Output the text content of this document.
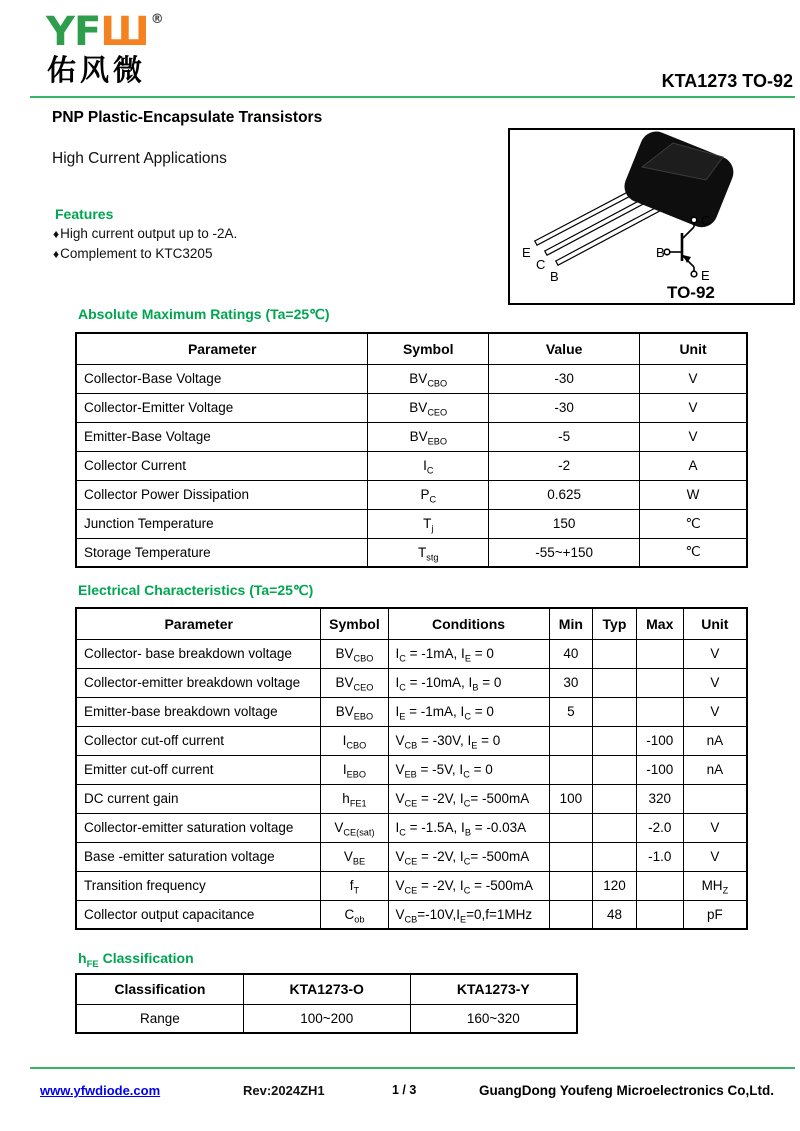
YFШ ®
佑风微	KTA1273 TO-92
PNP Plastic-Encapsulate Transistors
High Current Applications
Features
♦High current output up to -2A.
♦Complement to KTC3205	E
C
B
B
C
E
TO-92
Absolute Maximum Ratings (Ta=25℃)
Parameter	Symbol	Value	Unit
Collector-Base Voltage	$BV_{CBO}$	-30	V
Collector-Emitter Voltage	$BV_{CEO}$	-30	V
Emitter-Base Voltage	$BV_{EBO}$	-5	V
Collector Current	$I_C$	-2	A
Collector Power Dissipation	$P_C$	0.625	W
Junction Temperature	$T_j$	150	℃
Storage Temperature	$T_{stg}$	-55~+150	℃
Electrical Characteristics (Ta=25℃)
Parameter	Symbol	Conditions	Min	Typ	Max	Unit
Collector- base breakdown voltage	$BV_{CBO}$	$I_C = -1mA$, $I_E = 0$	40			V
Collector-emitter breakdown voltage	$BV_{CEO}$	$I_C = -10mA$, $I_B = 0$	30			V
Emitter-base breakdown voltage	$BV_{EBO}$	$I_E = -1mA$, $I_C = 0$	5			V
Collector cut-off current	$I_{CBO}$	$V_{CB} = -30V$, $I_E = 0$			-100	nA
Emitter cut-off current	$I_{EBO}$	$V_{EB} = -5V$, $I_C = 0$			-100	nA
DC current gain	$h_{FE1}$	$V_{CE} = -2V$, $I_C= -500mA$	100		320	
Collector-emitter saturation voltage	$V_{CE(sat)}$	$I_C = -1.5A$, $I_B = -0.03A$			-2.0	V
Base -emitter saturation voltage	$V_{BE}$	$V_{CE} = -2V$, $I_C= -500mA$			-1.0	V
Transition frequency	$f_T$	$V_{CE} = -2V$, $I_C = -500mA$		120		$MH_Z$
Collector output capacitance	$C_{ob}$	$V_{CB}=-10V,I_E=0,f=1MHz$		48		pF
$h_{FE}$ Classification
Classification	KTA1273-O	KTA1273-Y
Range	100~200	160~320
www.yfwdiode.com	Rev:2024ZH1	1 / 3	GuangDong Youfeng Microelectronics Co,Ltd.
